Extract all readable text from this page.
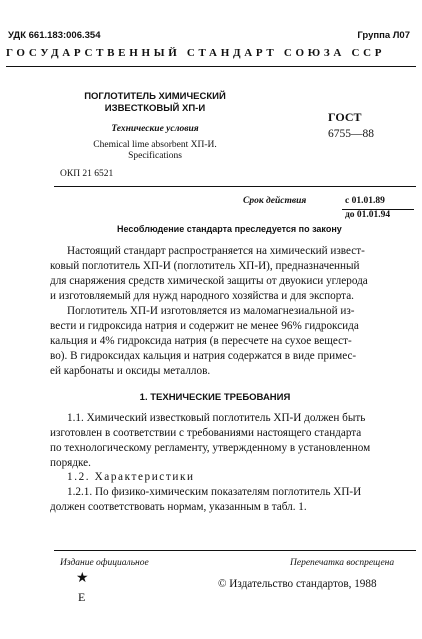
УДК 661.183:006.354	Группа Л07
ГОСУДАРСТВЕННЫЙ СТАНДАРТ СОЮЗА ССР
ПОГЛОТИТЕЛЬ ХИМИЧЕСКИЙ
ИЗВЕСТКОВЫЙ ХП-И
Технические условия
Chemical lime absorbent ХП-И.
Specifications
ГОСТ
6755—88
ОКП 21 6521
Срок действия	с 01.01.89
до 01.01.94
Несоблюдение стандарта преследуется по закону
Настоящий стандарт распространяется на химический извест-
ковый поглотитель ХП-И (поглотитель ХП-И), предназначенный
для снаряжения средств химической защиты от двуокиси углерода
и изготовляемый для нужд народного хозяйства и для экспорта.
Поглотитель ХП-И изготовляется из маломагнезиальной из-
вести и гидроксида натрия и содержит не менее 96% гидроксида
кальция и 4% гидроксида натрия (в пересчете на сухое вещест-
во). В гидроксидах кальция и натрия содержатся в виде примес-
ей карбонаты и оксиды металлов.
1. ТЕХНИЧЕСКИЕ ТРЕБОВАНИЯ
1.1. Химический известковый поглотитель ХП-И должен быть
изготовлен в соответствии с требованиями настоящего стандарта
по технологическому регламенту, утвержденному в установленном
порядке.
1.2. Характеристики
1.2.1. По физико-химическим показателям поглотитель ХП-И
должен соответствовать нормам, указанным в табл. 1.
Издание официальное	Перепечатка воспрещена
★
Е
© Издательство стандартов, 1988
